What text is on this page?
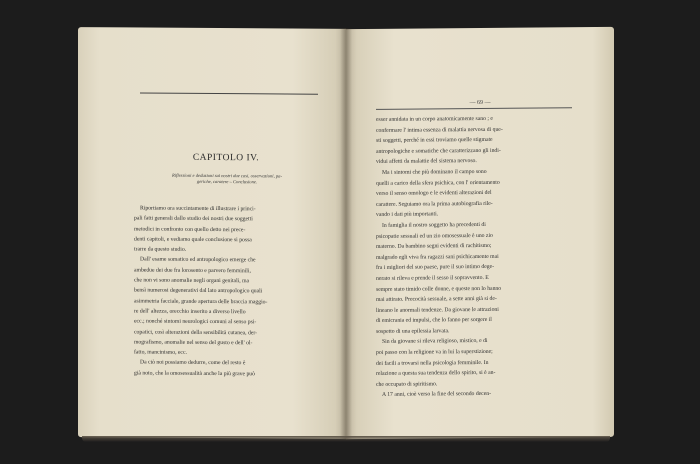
CAPITOLO IV.
Riflessioni e deduzioni sui nostri due casi, osservazioni, pa-
geriche, caratere – Conclusione.
Riportiamo ora succintamente di illustrare i princi-
pali fatti generali dallo studio dei nostri due soggetti
metodici in confronto con quello detto nei prece-
denti capitoli, e vediamo quale conclusione si possa
trarre da questo studio.
Dall' esame somatico ed antropologico emerge che
ambedue dei due fra lorosento e parvero femminili,
che non vi sono anomalie negli organi genitali, ma
bensì numerosi degenerativi dal lato antropologico quali
asimmetria facciale, grande apertura delle braccia maggio-
re dell' altezza, orecchio inserito a diverso livello
ecc.; nonché sintomi neurologici comuni al senso psi-
copatici, così alterazioni della sensibilità cutanea, der-
mografismo, anomalie nel senso del gusto e dell' ol-
fatto, mancinismo, ecc.
Da ciò noi possiamo dedurre, come del resto è
già noto, che la omosessualità anche la più grave può
— 69 —
esser annidata in un corpo anatomicamente sano ; e
confermare l' intima essenza di malattia nervosa di que-
sti soggetti, perché in essi troviamo quelle stigmate
antropologiche e somatiche che caratterizzano gli indi-
vidui affetti da malattie del sistema nervoso.
Ma i sintomi che più dominano il campo sono
quelli a carico della sfera psichica, con l' orientamento
verso il senso omologo e le evidenti alterazioni del
carattere. Seguiamo ora la prima autobiografia rile-
vando i dati più importanti.
In famiglia il nostro soggetto ha precedenti di
psicopatie sessuali ed un zio omosessuale è uno zio
materno. Da bambino segni evidenti di rachitismo;
malgrado egli viva fra ragazzi sani psichicamente mai
fra i migliori del suo paese, pure il suo intimo dege-
nerato si rileva e prende il sesso il sopravvento. E
sempre stato timido colle donne, e queste non lo hanno
mai attirato. Precocità sessuale, a sette anni già si de-
lineano le anormali tendenze. Da giovane le attrazioni
di emicrania ed impulsi, che lo fanno per sorgere il
sospetto di una epilessia larvata.
Sin da giovane si rileva religioso, mistico, e di
poi passo con la religione va in lui la superstizione;
dei facili a trovarsi nella psicologia femminile. In
relazione a questa sua tendenza dello spirito, si è an-
che occupato di spiritismo.
A 17 anni, cioè verso la fine del secondo decen-
